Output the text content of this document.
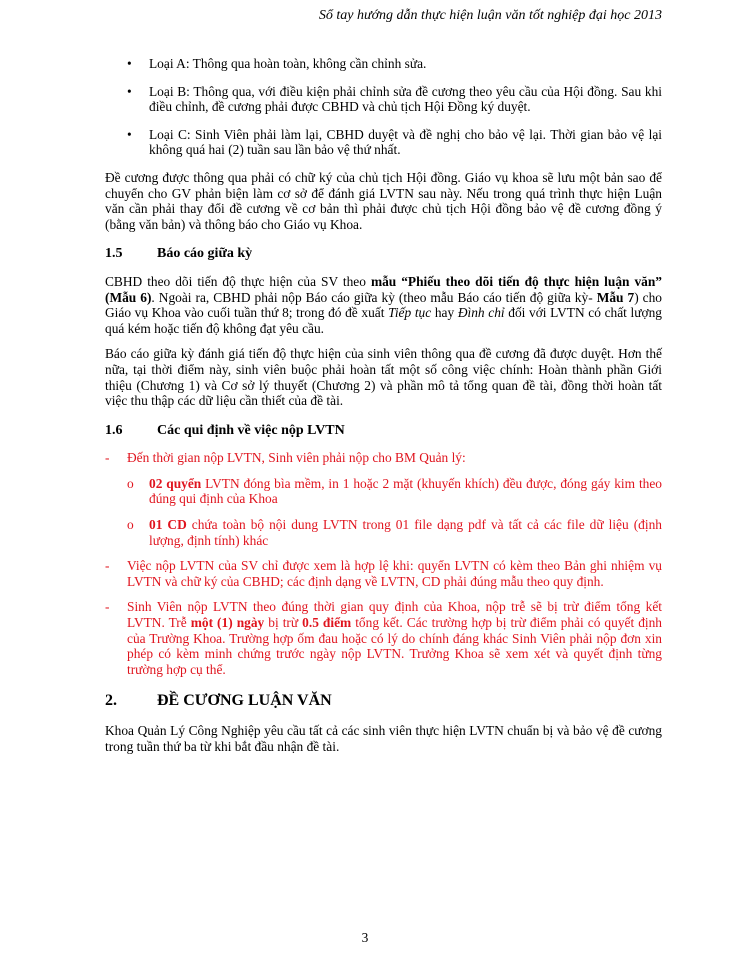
Sổ tay hướng dẫn thực hiện luận văn tốt nghiệp đại học 2013
• Loại A: Thông qua hoàn toàn, không cần chỉnh sửa.
• Loại B: Thông qua, với điều kiện phải chỉnh sửa đề cương theo yêu cầu của Hội đồng. Sau khi điều chỉnh, đề cương phải được CBHD và chủ tịch Hội Đồng ký duyệt.
• Loại C: Sinh Viên phải làm lại, CBHD duyệt và đề nghị cho bảo vệ lại. Thời gian bảo vệ lại không quá hai (2) tuần sau lần bảo vệ thứ nhất.

Đề cương được thông qua phải có chữ ký của chủ tịch Hội đồng. Giáo vụ khoa sẽ lưu một bản sao để chuyển cho GV phản biện làm cơ sở để đánh giá LVTN sau này. Nếu trong quá trình thực hiện Luận văn cần phải thay đổi đề cương về cơ bản thì phải được chủ tịch Hội đồng bảo vệ đề cương đồng ý (bằng văn bản) và thông báo cho Giáo vụ Khoa.

1.5 Báo cáo giữa kỳ

CBHD theo dõi tiến độ thực hiện của SV theo mẫu “Phiếu theo dõi tiến độ thực hiện luận văn” (Mẫu 6). Ngoài ra, CBHD phải nộp Báo cáo giữa kỳ (theo mẫu Báo cáo tiến độ giữa kỳ- Mẫu 7) cho Giáo vụ Khoa vào cuối tuần thứ 8; trong đó đề xuất Tiếp tục hay Đình chỉ đối với LVTN có chất lượng quá kém hoặc tiến độ không đạt yêu cầu.

Báo cáo giữa kỳ đánh giá tiến độ thực hiện của sinh viên thông qua đề cương đã được duyệt. Hơn thế nữa, tại thời điểm này, sinh viên buộc phải hoàn tất một số công việc chính: Hoàn thành phần Giới thiệu (Chương 1) và Cơ sở lý thuyết (Chương 2) và phần mô tả tổng quan đề tài, đồng thời hoàn tất việc thu thập các dữ liệu cần thiết của đề tài.

1.6 Các qui định về việc nộp LVTN
- Đến thời gian nộp LVTN, Sinh viên phải nộp cho BM Quản lý:
o 02 quyển LVTN đóng bìa mềm, in 1 hoặc 2 mặt (khuyến khích) đều được, đóng gáy kim theo đúng qui định của Khoa
o 01 CD chứa toàn bộ nội dung LVTN trong 01 file dạng pdf và tất cả các file dữ liệu (định lượng, định tính) khác
- Việc nộp LVTN của SV chỉ được xem là hợp lệ khi: quyển LVTN có kèm theo Bản ghi nhiệm vụ LVTN và chữ ký của CBHD; các định dạng về LVTN, CD phải đúng mẫu theo quy định.
- Sinh Viên nộp LVTN theo đúng thời gian quy định của Khoa, nộp trễ sẽ bị trừ điểm tổng kết LVTN. Trễ một (1) ngày bị trừ 0.5 điểm tổng kết. Các trường hợp bị trừ điểm phải có quyết định của Trường Khoa. Trường hợp ốm đau hoặc có lý do chính đáng khác Sinh Viên phải nộp đơn xin phép có kèm minh chứng trước ngày nộp LVTN. Trưởng Khoa sẽ xem xét và quyết định từng trường hợp cụ thể.
2.	ĐỀ CƯƠNG LUẬN VĂN

Khoa Quản Lý Công Nghiệp yêu cầu tất cả các sinh viên thực hiện LVTN chuẩn bị và bảo vệ đề cương trong tuần thứ ba từ khi bắt đầu nhận đề tài.

3
